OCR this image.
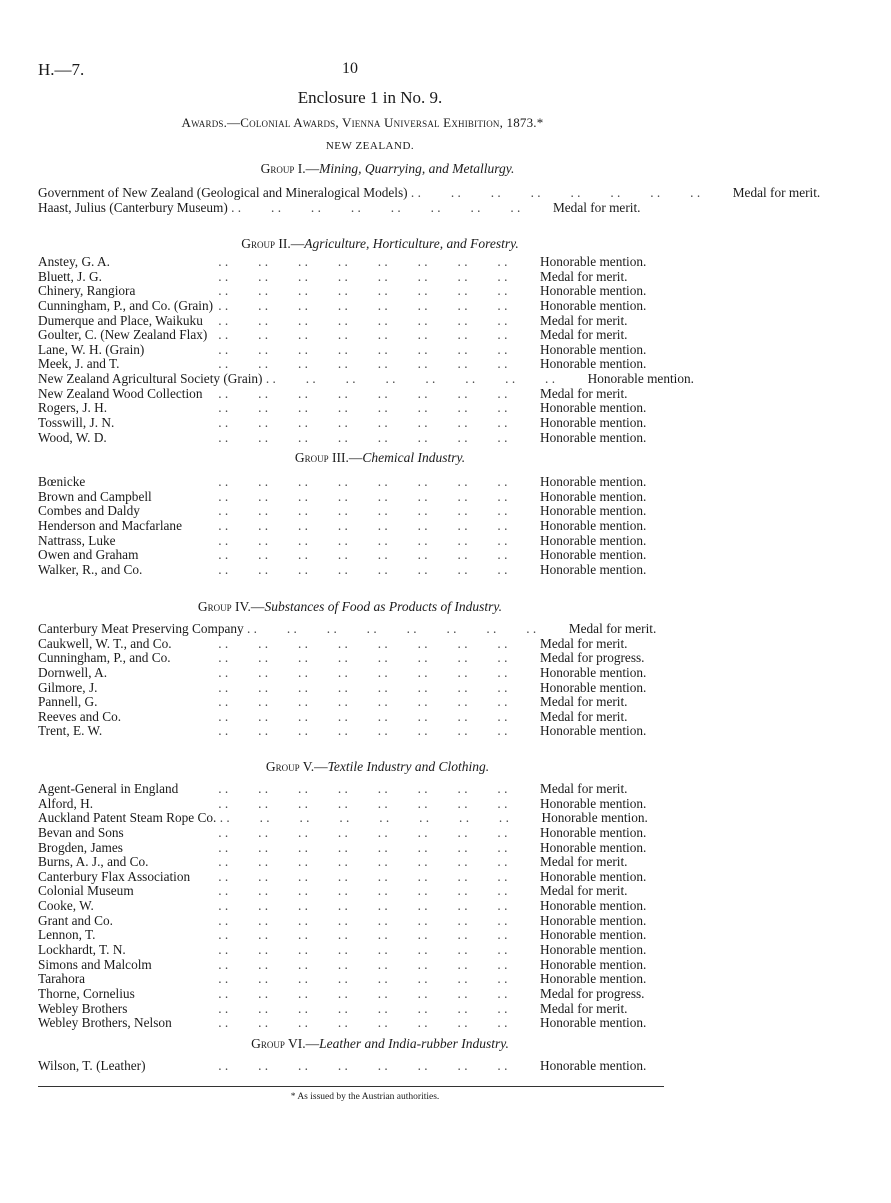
H.—7.	10
Enclosure 1 in No. 9.
Awards.—Colonial Awards, Vienna Universal Exhibition, 1873.*
NEW ZEALAND.
Group I.—Mining, Quarrying, and Metallurgy.
Government of New Zealand (Geological and Mineralogical Models) . .         . .         . .         . .         . .         . .         . .         . . Medal for merit.
Haast, Julius (Canterbury Museum) . .         . .         . .         . .         . .         . .         . .         . . Medal for merit.
Group II.—Agriculture, Horticulture, and Forestry.
Anstey, G. A.	. .         . .         . .         . .         . .         . .         . .         . . Honorable mention.
Bluett, J. G.	. .         . .         . .         . .         . .         . .         . .         . . Medal for merit.
Chinery, Rangiora	. .         . .         . .         . .         . .         . .         . .         . . Honorable mention.
Cunningham, P., and Co. (Grain) . .         . .         . .         . .         . .         . .         . .         . . Honorable mention.
Dumerque and Place, Waikuku . .         . .         . .         . .         . .         . .         . .         . . Medal for merit.
Goulter, C. (New Zealand Flax) . .         . .         . .         . .         . .         . .         . .         . . Medal for merit.
Lane, W. H. (Grain)	. .         . .         . .         . .         . .         . .         . .         . . Honorable mention.
Meek, J. and T.	. .         . .         . .         . .         . .         . .         . .         . . Honorable mention.
New Zealand Agricultural Society (Grain) . .         . .         . .         . .         . .         . .         . .         . . Honorable mention.
New Zealand Wood Collection . .         . .         . .         . .         . .         . .         . .         . . Medal for merit.
Rogers, J. H.	. .         . .         . .         . .         . .         . .         . .         . . Honorable mention.
Tosswill, J. N.	. .         . .         . .         . .         . .         . .         . .         . . Honorable mention.
Wood, W. D.	. .         . .         . .         . .         . .         . .         . .         . . Honorable mention.
Group III.—Chemical Industry.
Bœnicke	. .         . .         . .         . .         . .         . .         . .         . . Honorable mention.
Brown and Campbell	. .         . .         . .         . .         . .         . .         . .         . . Honorable mention.
Combes and Daldy	. .         . .         . .         . .         . .         . .         . .         . . Honorable mention.
Henderson and Macfarlane	. .         . .         . .         . .         . .         . .         . .         . . Honorable mention.
Nattrass, Luke	. .         . .         . .         . .         . .         . .         . .         . . Honorable mention.
Owen and Graham	. .         . .         . .         . .         . .         . .         . .         . . Honorable mention.
Walker, R., and Co.	. .         . .         . .         . .         . .         . .         . .         . . Honorable mention.
Group IV.—Substances of Food as Products of Industry.
Canterbury Meat Preserving Company . .         . .         . .         . .         . .         . .         . .         . . Medal for merit.
Caukwell, W. T., and Co.	. .         . .         . .         . .         . .         . .         . .         . . Medal for merit.
Cunningham, P., and Co.	. .         . .         . .         . .         . .         . .         . .         . . Medal for progress.
Dornwell, A.	. .         . .         . .         . .         . .         . .         . .         . . Honorable mention.
Gilmore, J.	. .         . .         . .         . .         . .         . .         . .         . . Honorable mention.
Pannell, G.	. .         . .         . .         . .         . .         . .         . .         . . Medal for merit.
Reeves and Co.	. .         . .         . .         . .         . .         . .         . .         . . Medal for merit.
Trent, E. W.	. .         . .         . .         . .         . .         . .         . .         . . Honorable mention.
Group V.—Textile Industry and Clothing.
Agent-General in England	. .         . .         . .         . .         . .         . .         . .         . . Medal for merit.
Alford, H.	. .         . .         . .         . .         . .         . .         . .         . . Honorable mention.
Auckland Patent Steam Rope Co. . .         . .         . .         . .         . .         . .         . .         . . Honorable mention.
Bevan and Sons	. .         . .         . .         . .         . .         . .         . .         . . Honorable mention.
Brogden, James	. .         . .         . .         . .         . .         . .         . .         . . Honorable mention.
Burns, A. J., and Co.	. .         . .         . .         . .         . .         . .         . .         . . Medal for merit.
Canterbury Flax Association	. .         . .         . .         . .         . .         . .         . .         . . Honorable mention.
Colonial Museum	. .         . .         . .         . .         . .         . .         . .         . . Medal for merit.
Cooke, W.	. .         . .         . .         . .         . .         . .         . .         . . Honorable mention.
Grant and Co.	. .         . .         . .         . .         . .         . .         . .         . . Honorable mention.
Lennon, T.	. .         . .         . .         . .         . .         . .         . .         . . Honorable mention.
Lockhardt, T. N.	. .         . .         . .         . .         . .         . .         . .         . . Honorable mention.
Simons and Malcolm	. .         . .         . .         . .         . .         . .         . .         . . Honorable mention.
Tarahora	. .         . .         . .         . .         . .         . .         . .         . . Honorable mention.
Thorne, Cornelius	. .         . .         . .         . .         . .         . .         . .         . . Medal for progress.
Webley Brothers	. .         . .         . .         . .         . .         . .         . .         . . Medal for merit.
Webley Brothers, Nelson	. .         . .         . .         . .         . .         . .         . .         . . Honorable mention.
Group VI.—Leather and India-rubber Industry.
Wilson, T. (Leather)	. .         . .         . .         . .         . .         . .         . .         . . Honorable mention.
* As issued by the Austrian authorities.
